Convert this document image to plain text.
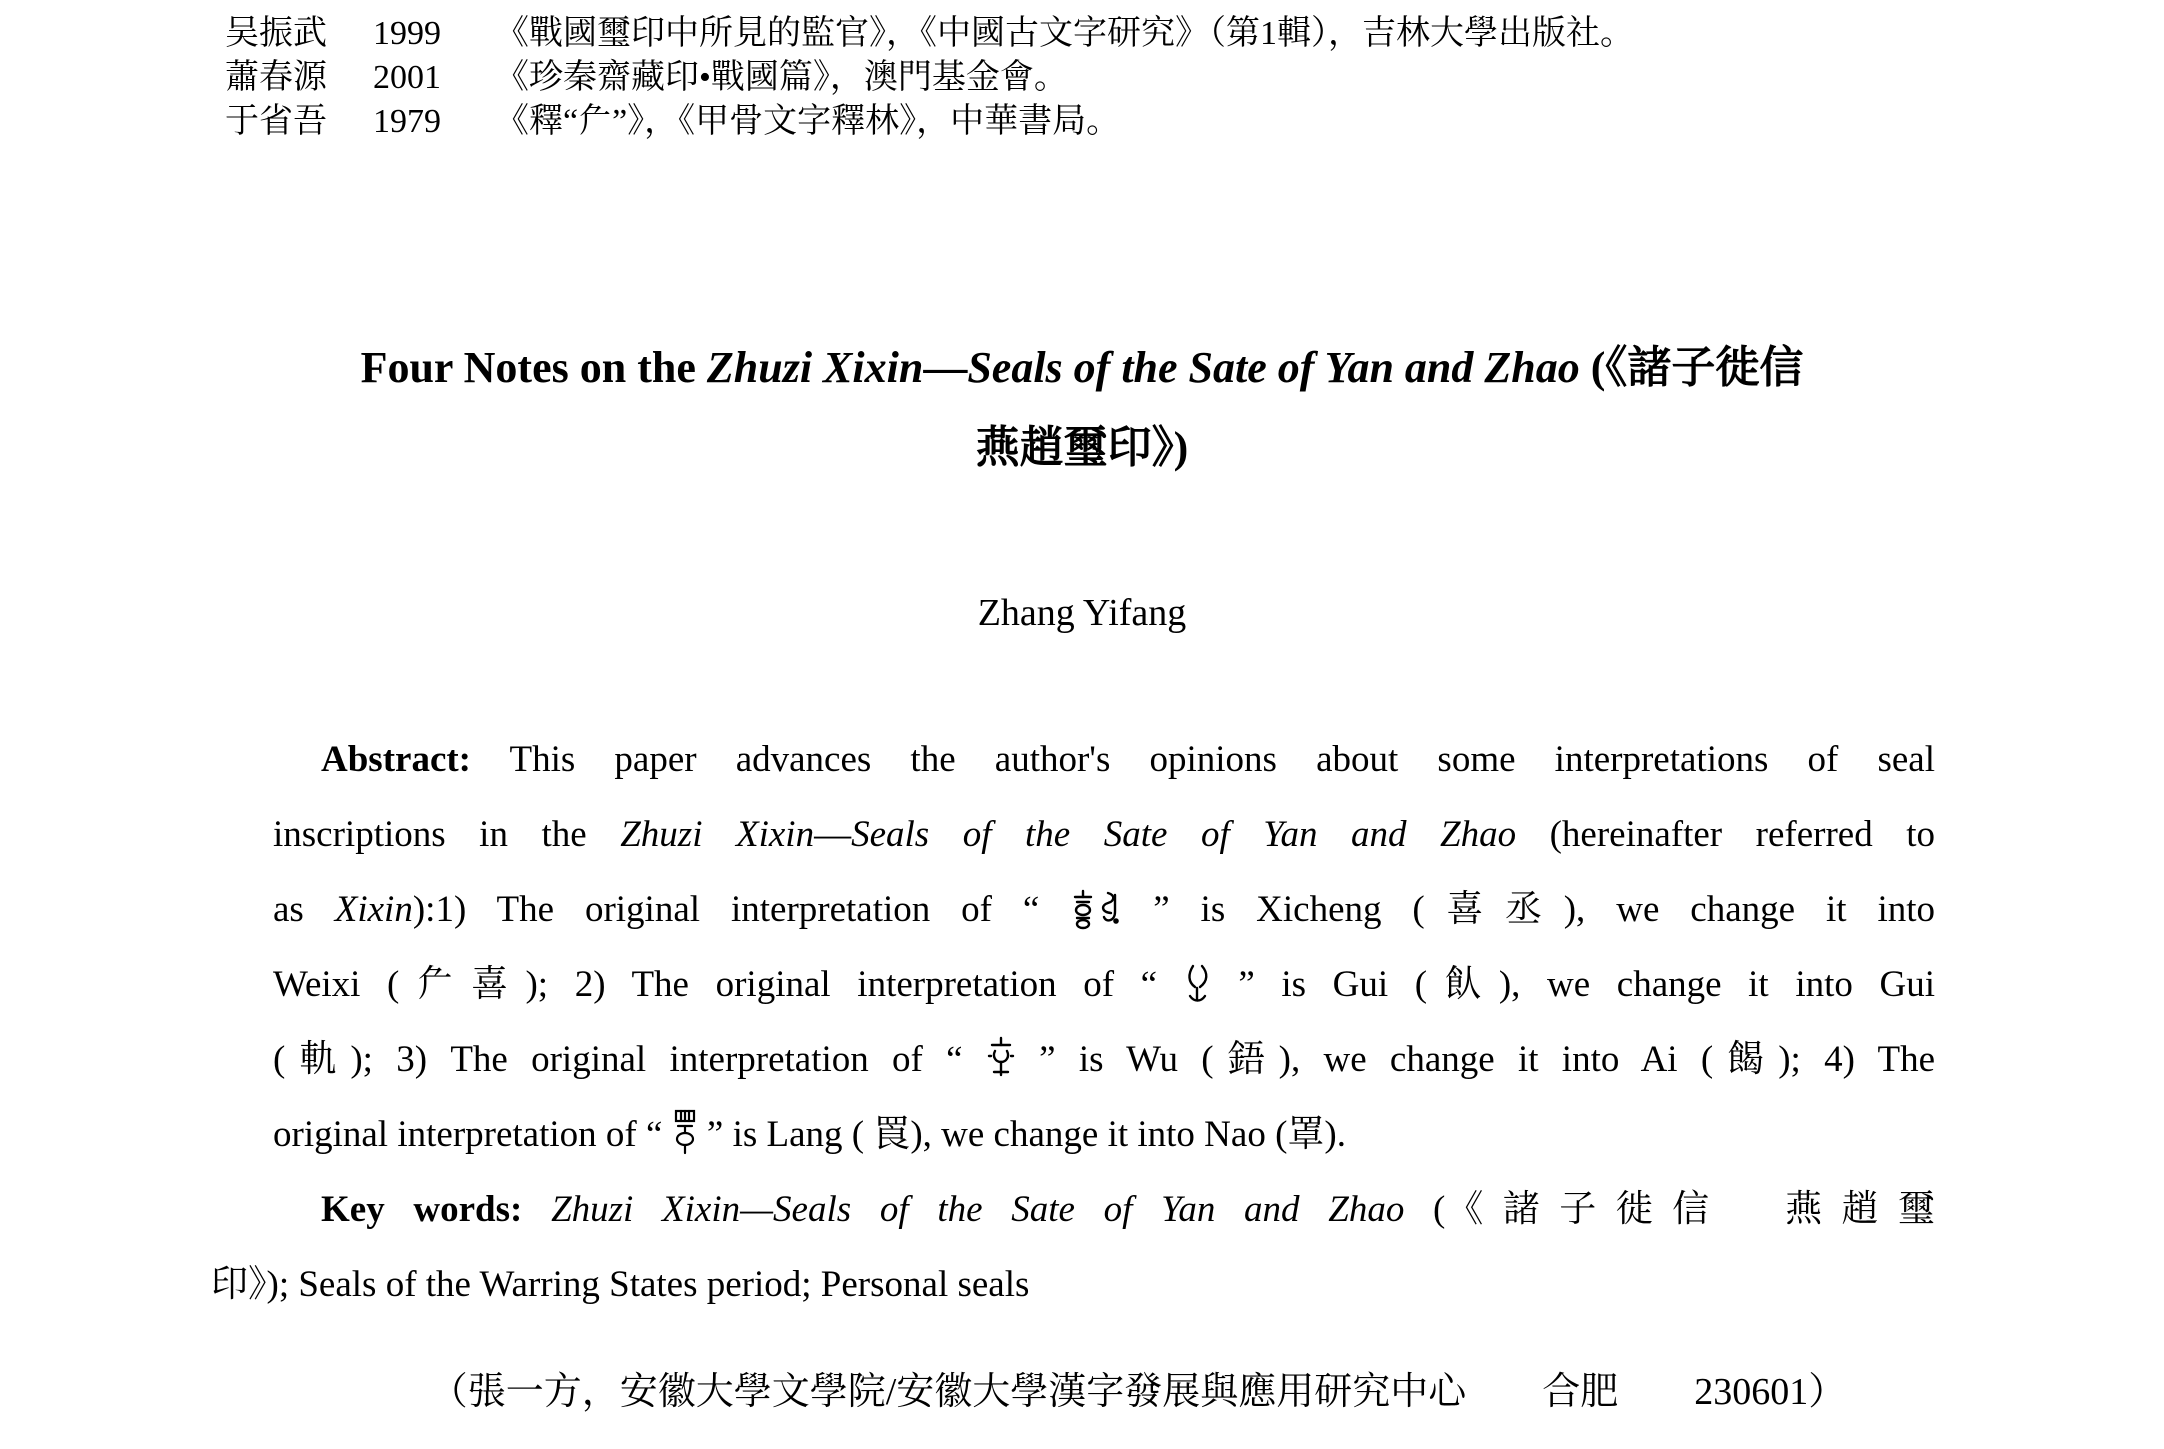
吴振武 1999 《戰國璽印中所見的監官》，《中國古文字研究》（第1輯），吉林大學出版社。
蕭春源 2001 《珍秦齋藏印•戰國篇》，澳門基金會。
于省吾 1979 《釋“厃”》，《甲骨文字釋林》，中華書局。
Four Notes on the Zhuzi Xixin—Seals of the Sate of Yan and Zhao (《諸子徙信
燕趙璽印》)
Zhang Yifang
Abstract: This paper advances the author's opinions about some interpretations of seal
inscriptions in the Zhuzi Xixin—Seals of the Sate of Yan and Zhao (hereinafter referred to
as Xixin):1) The original interpretation of “	” is Xicheng (喜丞), we change it into
Weixi (厃喜); 2) The original interpretation of “ ” is Gui (飤), we change it into Gui
(軌); 3) The original interpretation of “ ” is Wu (鋙), we change it into Ai (餲); 4) The
original interpretation of “ ” is Lang ( 䍚), we change it into Nao (罩).
Key words: Zhuzi Xixin—Seals of the Sate of Yan and Zhao (《諸子徙信　燕趙璽
印》); Seals of the Warring States period; Personal seals
（張一方，安徽大學文學院/安徽大學漢字發展與應用研究中心　　合肥　　230601）
